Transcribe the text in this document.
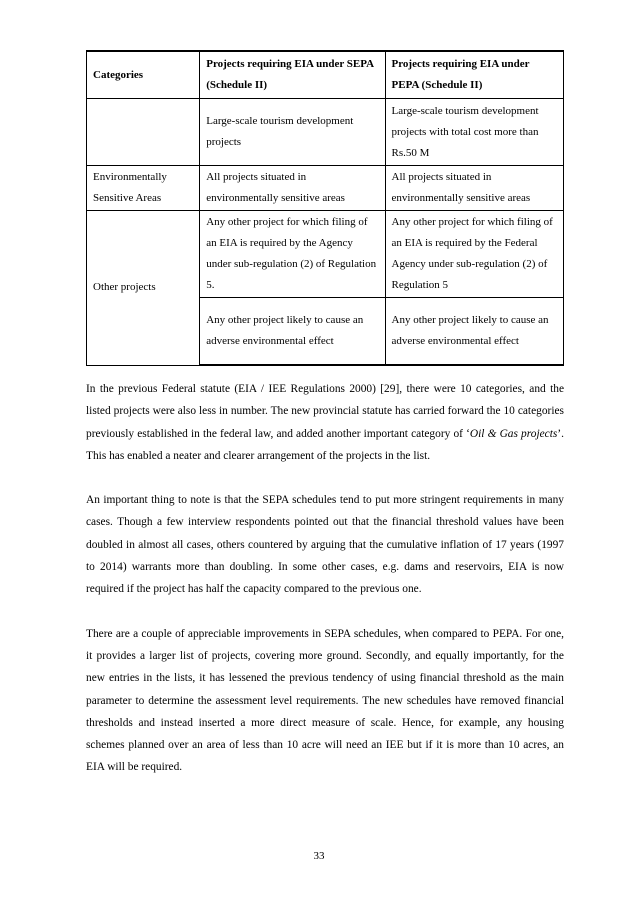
Categories	Projects requiring EIA under SEPA (Schedule II)	Projects requiring EIA under PEPA (Schedule II)
	Large-scale tourism development projects	Large-scale tourism development projects with total cost more than Rs.50 M
Environmentally Sensitive Areas	All projects situated in environmentally sensitive areas	All projects situated in environmentally sensitive areas
Other projects	Any other project for which filing of an EIA is required by the Agency under sub-regulation (2) of Regulation 5.	Any other project for which filing of an EIA is required by the Federal Agency under sub-regulation (2) of Regulation 5
	Any other project likely to cause an adverse environmental effect	Any other project likely to cause an adverse environmental effect

In the previous Federal statute (EIA / IEE Regulations 2000) [29], there were 10 categories, and the listed projects were also less in number. The new provincial statute has carried forward the 10 categories previously established in the federal law, and added another important category of ‘Oil & Gas projects’. This has enabled a neater and clearer arrangement of the projects in the list.

An important thing to note is that the SEPA schedules tend to put more stringent requirements in many cases. Though a few interview respondents pointed out that the financial threshold values have been doubled in almost all cases, others countered by arguing that the cumulative inflation of 17 years (1997 to 2014) warrants more than doubling. In some other cases, e.g. dams and reservoirs, EIA is now required if the project has half the capacity compared to the previous one.

There are a couple of appreciable improvements in SEPA schedules, when compared to PEPA. For one, it provides a larger list of projects, covering more ground. Secondly, and equally importantly, for the new entries in the lists, it has lessened the previous tendency of using financial threshold as the main parameter to determine the assessment level requirements. The new schedules have removed financial thresholds and instead inserted a more direct measure of scale. Hence, for example, any housing schemes planned over an area of less than 10 acre will need an IEE but if it is more than 10 acres, an EIA will be required.

33
